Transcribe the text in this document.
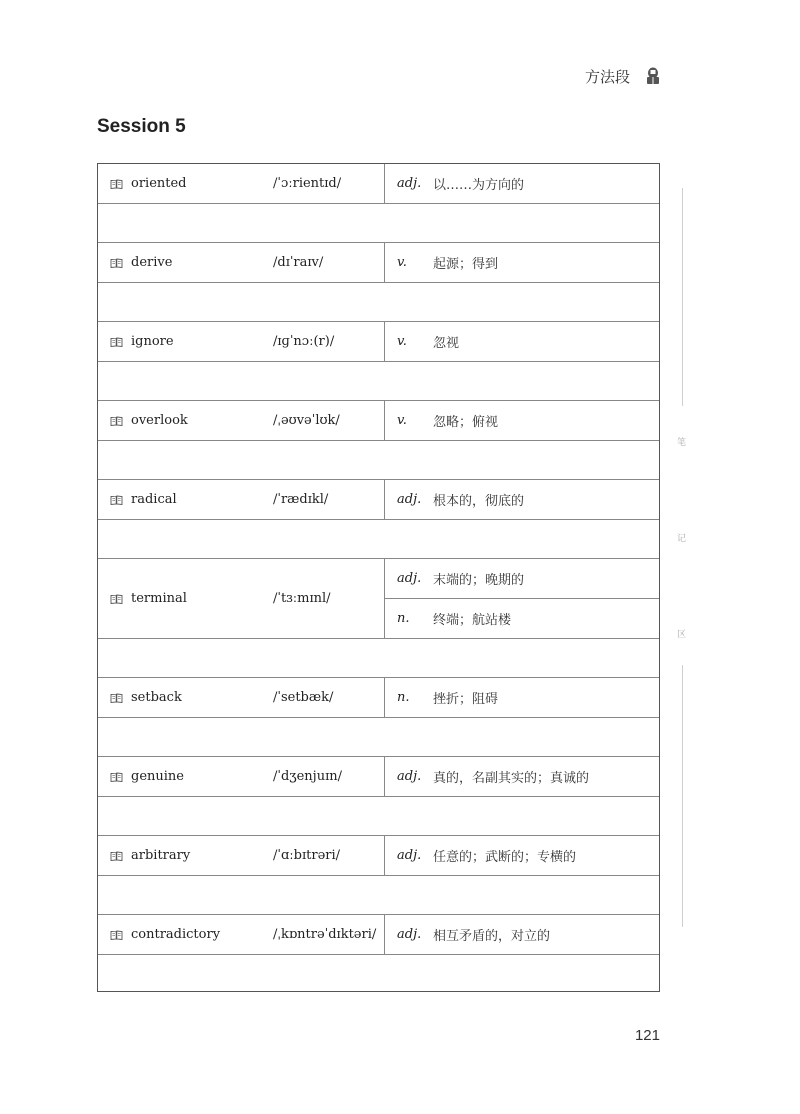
方法段
Session 5
oriented	/ˈɔːrientɪd/	adj. 以……为方向的
derive	/dɪˈraɪv/	v.	起源；得到
ignore	/ɪɡˈnɔː(r)/	v.	忽视
overlook	/ˌəʊvəˈlʊk/	v.	忽略；俯视
radical	/ˈrædɪkl/	adj. 根本的，彻底的
terminal	/ˈtɜːmɪnl/
adj. 末端的；晚期的
n.	终端；航站楼
setback	/ˈsetbæk/	n.	挫折；阻碍
genuine	/ˈdʒenjuɪn/	adj. 真的，名副其实的；真诚的
arbitrary	/ˈɑːbɪtrəri/	adj. 任意的；武断的；专横的
contradictory	/ˌkɒntrəˈdɪktəri/	adj. 相互矛盾的，对立的
笔
记
区
121
